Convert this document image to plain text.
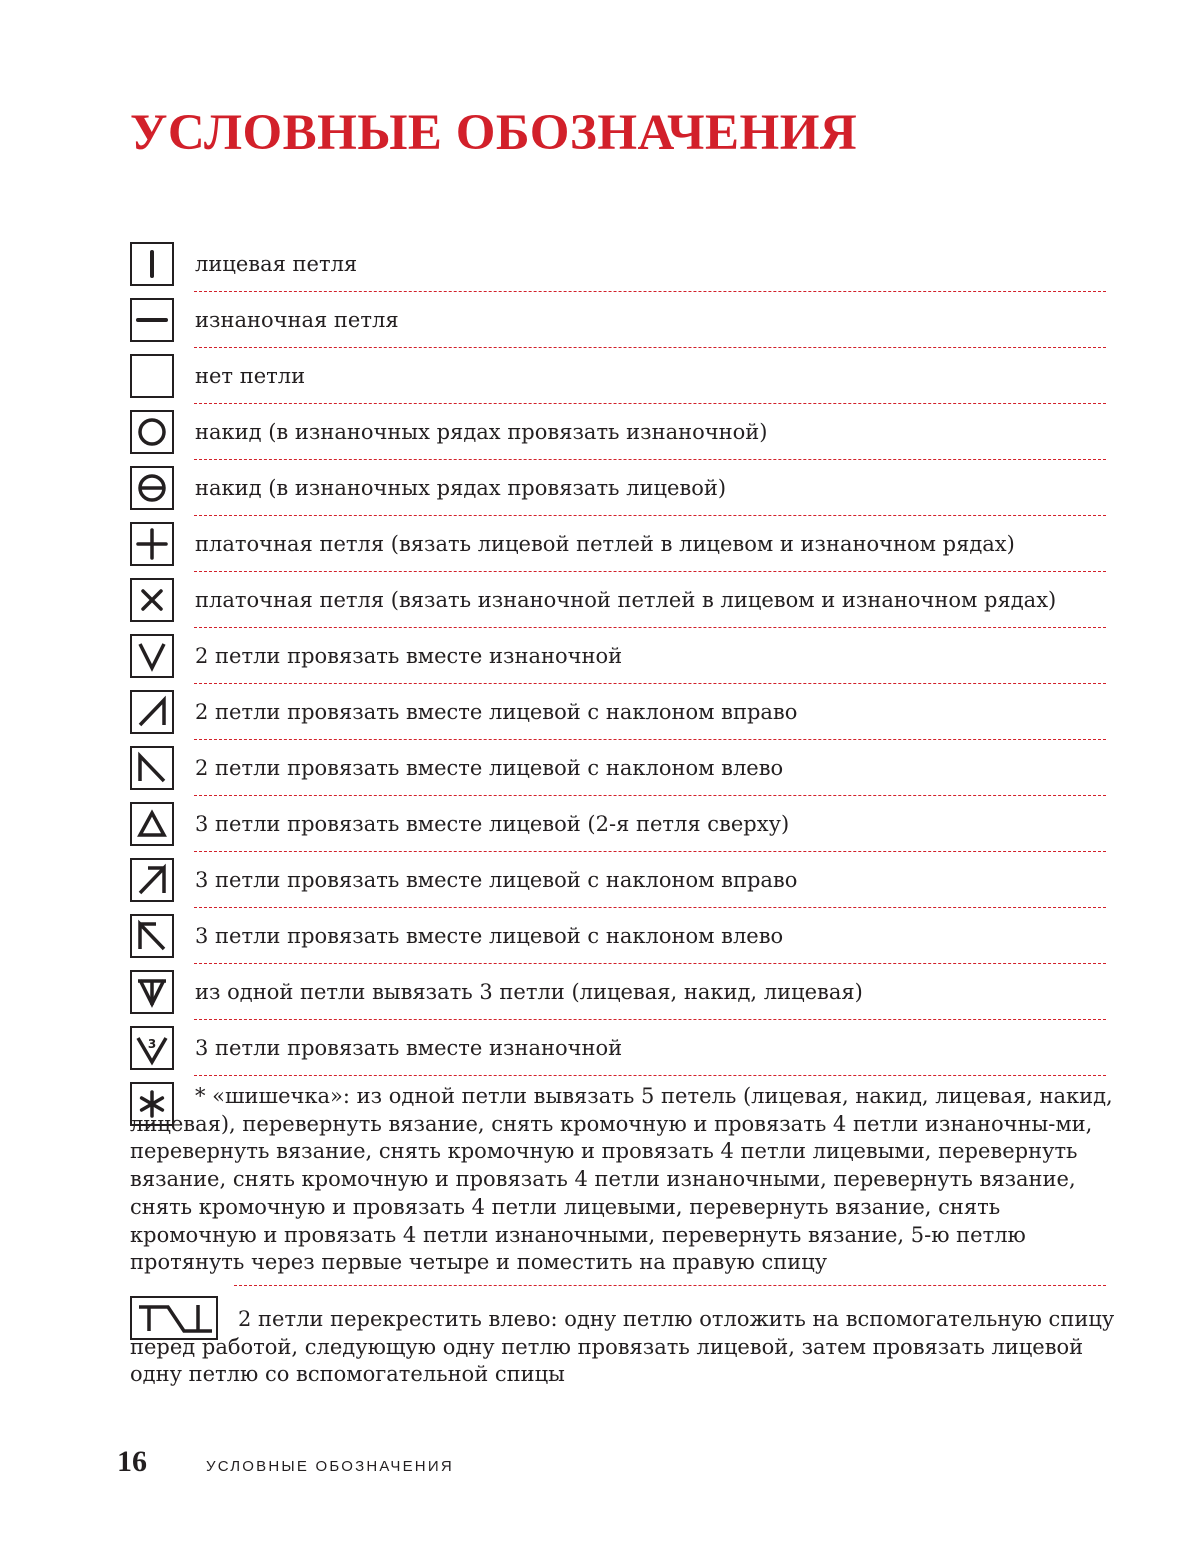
УСЛОВНЫЕ ОБОЗНАЧЕНИЯ
лицевая петля
изнаночная петля
нет петли
накид (в изнаночных рядах провязать изнаночной)
накид (в изнаночных рядах провязать лицевой)
платочная петля (вязать лицевой петлей в лицевом и изнаночном рядах)
платочная петля (вязать изнаночной петлей в лицевом и изнаночном рядах)
2 петли провязать вместе изнаночной
2 петли провязать вместе лицевой с наклоном вправо
2 петли провязать вместе лицевой с наклоном влево
3 петли провязать вместе лицевой (2-я петля сверху)
3 петли провязать вместе лицевой с наклоном вправо
3 петли провязать вместе лицевой с наклоном влево
из одной петли вывязать 3 петли (лицевая, накид, лицевая)
3 3 петли провязать вместе изнаночной

* «шишечка»: из одной петли вывязать 5 петель (лицевая, накид, лицевая, накид, лицевая), перевернуть вязание, снять кромочную и провязать 4 петли изнаночны-ми, перевернуть вязание, снять кромочную и провязать 4 петли лицевыми, перевернуть вязание, снять кромочную и провязать 4 петли изнаночными, перевернуть вязание, снять кромочную и провязать 4 петли лицевыми, перевернуть вязание, снять кромочную и провязать 4 петли изнаночными, перевернуть вязание, 5-ю петлю протянуть через первые четыре и поместить на правую спицу

2 петли перекрестить влево: одну петлю отложить на вспомогательную спицу перед работой, следующую одну петлю провязать лицевой, затем провязать лицевой одну петлю со вспомогательной спицы

16	УСЛОВНЫЕ ОБОЗНАЧЕНИЯ
